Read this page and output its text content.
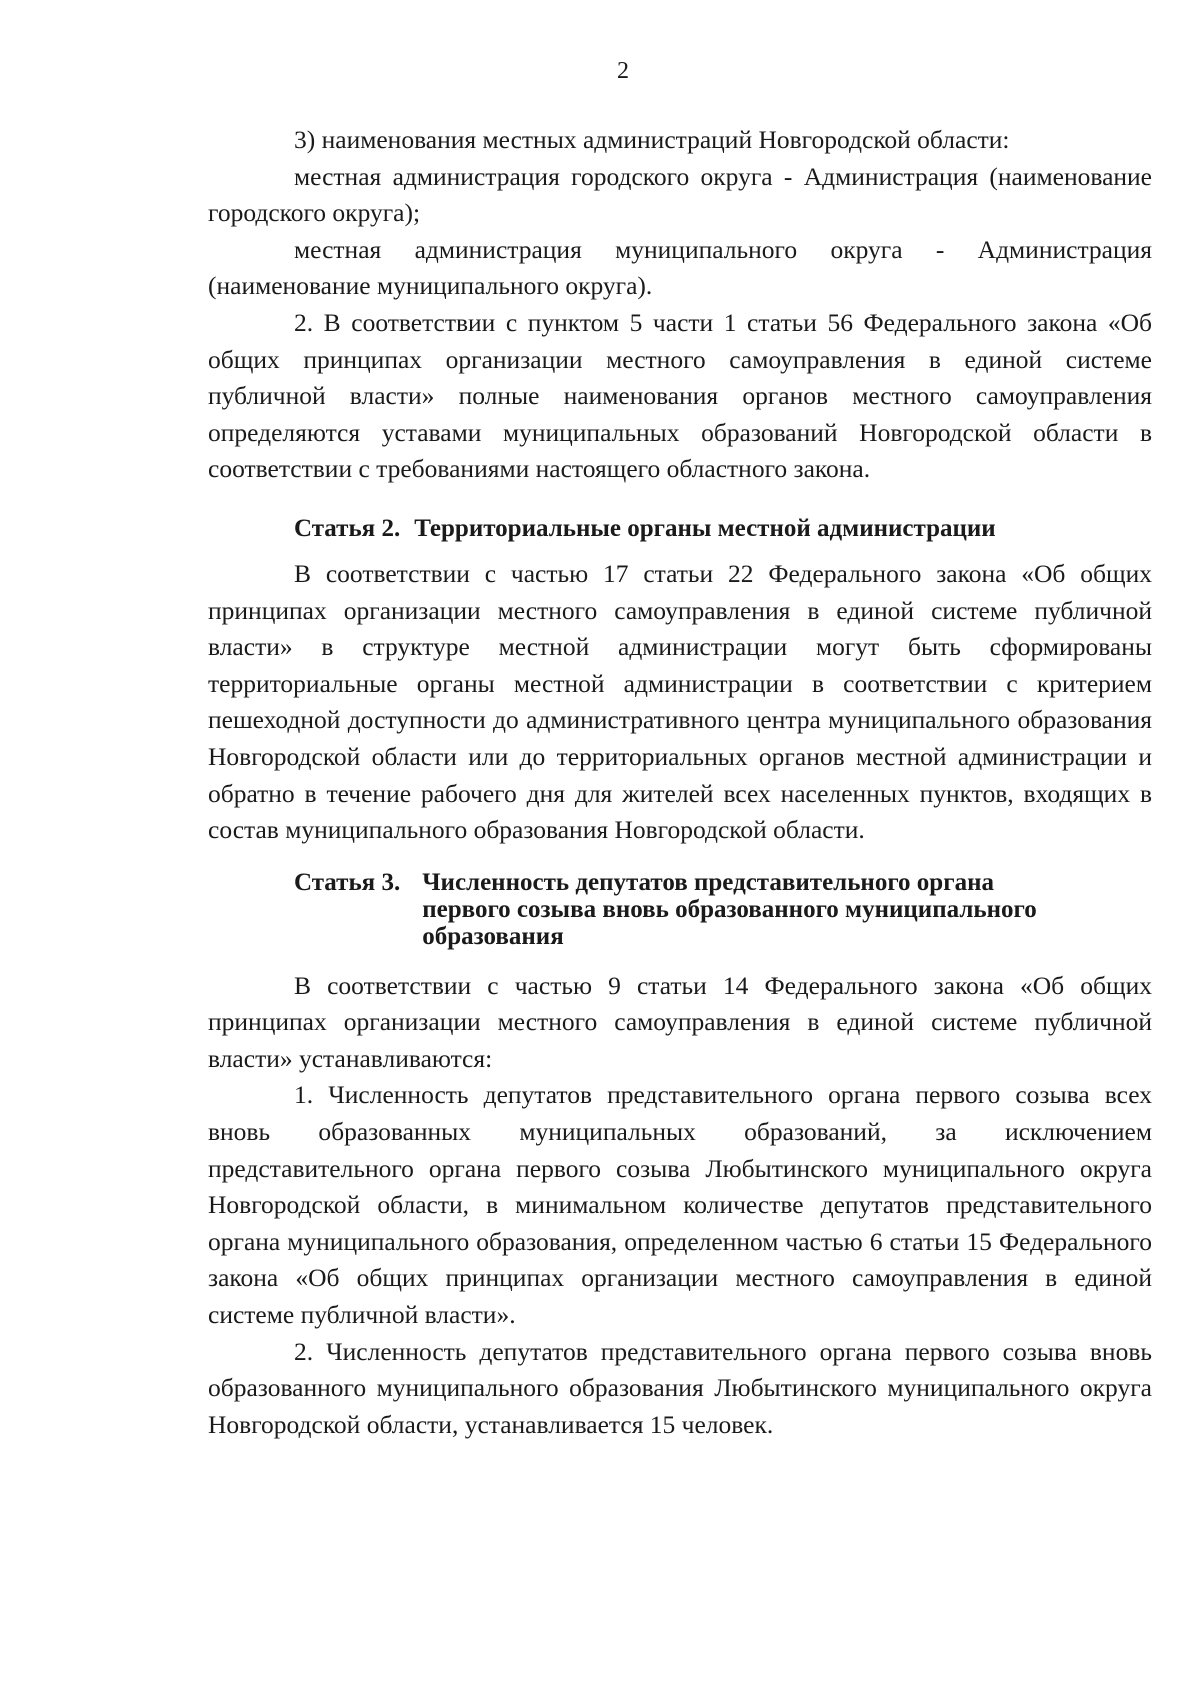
2

3) наименования местных администраций Новгородской области:

местная администрация городского округа - Администрация (наименование городского округа);

местная администрация муниципального округа - Администрация (наименование муниципального округа).

2. В соответствии с пунктом 5 части 1 статьи 56 Федерального закона «Об общих принципах организации местного самоуправления в единой системе публичной власти» полные наименования органов местного самоуправления определяются уставами муниципальных образований Новгородской области в соответствии с требованиями настоящего областного закона.

Статья 2. Территориальные органы местной администрации

В соответствии с частью 17 статьи 22 Федерального закона «Об общих принципах организации местного самоуправления в единой системе публичной власти» в структуре местной администрации могут быть сформированы территориальные органы местной администрации в соответствии с критерием пешеходной доступности до административного центра муниципального образования Новгородской области или до территориальных органов местной администрации и обратно в течение рабочего дня для жителей всех населенных пунктов, входящих в состав муниципального образования Новгородской области.

Статья 3. Численность депутатов представительного органа первого созыва вновь образованного муниципального образования

В соответствии с частью 9 статьи 14 Федерального закона «Об общих принципах организации местного самоуправления в единой системе публичной власти» устанавливаются:

1. Численность депутатов представительного органа первого созыва всех вновь образованных муниципальных образований, за исключением представительного органа первого созыва Любытинского муниципального округа Новгородской области, в минимальном количестве депутатов представительного органа муниципального образования, определенном частью 6 статьи 15 Федерального закона «Об общих принципах организации местного самоуправления в единой системе публичной власти».

2. Численность депутатов представительного органа первого созыва вновь образованного муниципального образования Любытинского муниципального округа Новгородской области, устанавливается 15 человек.
